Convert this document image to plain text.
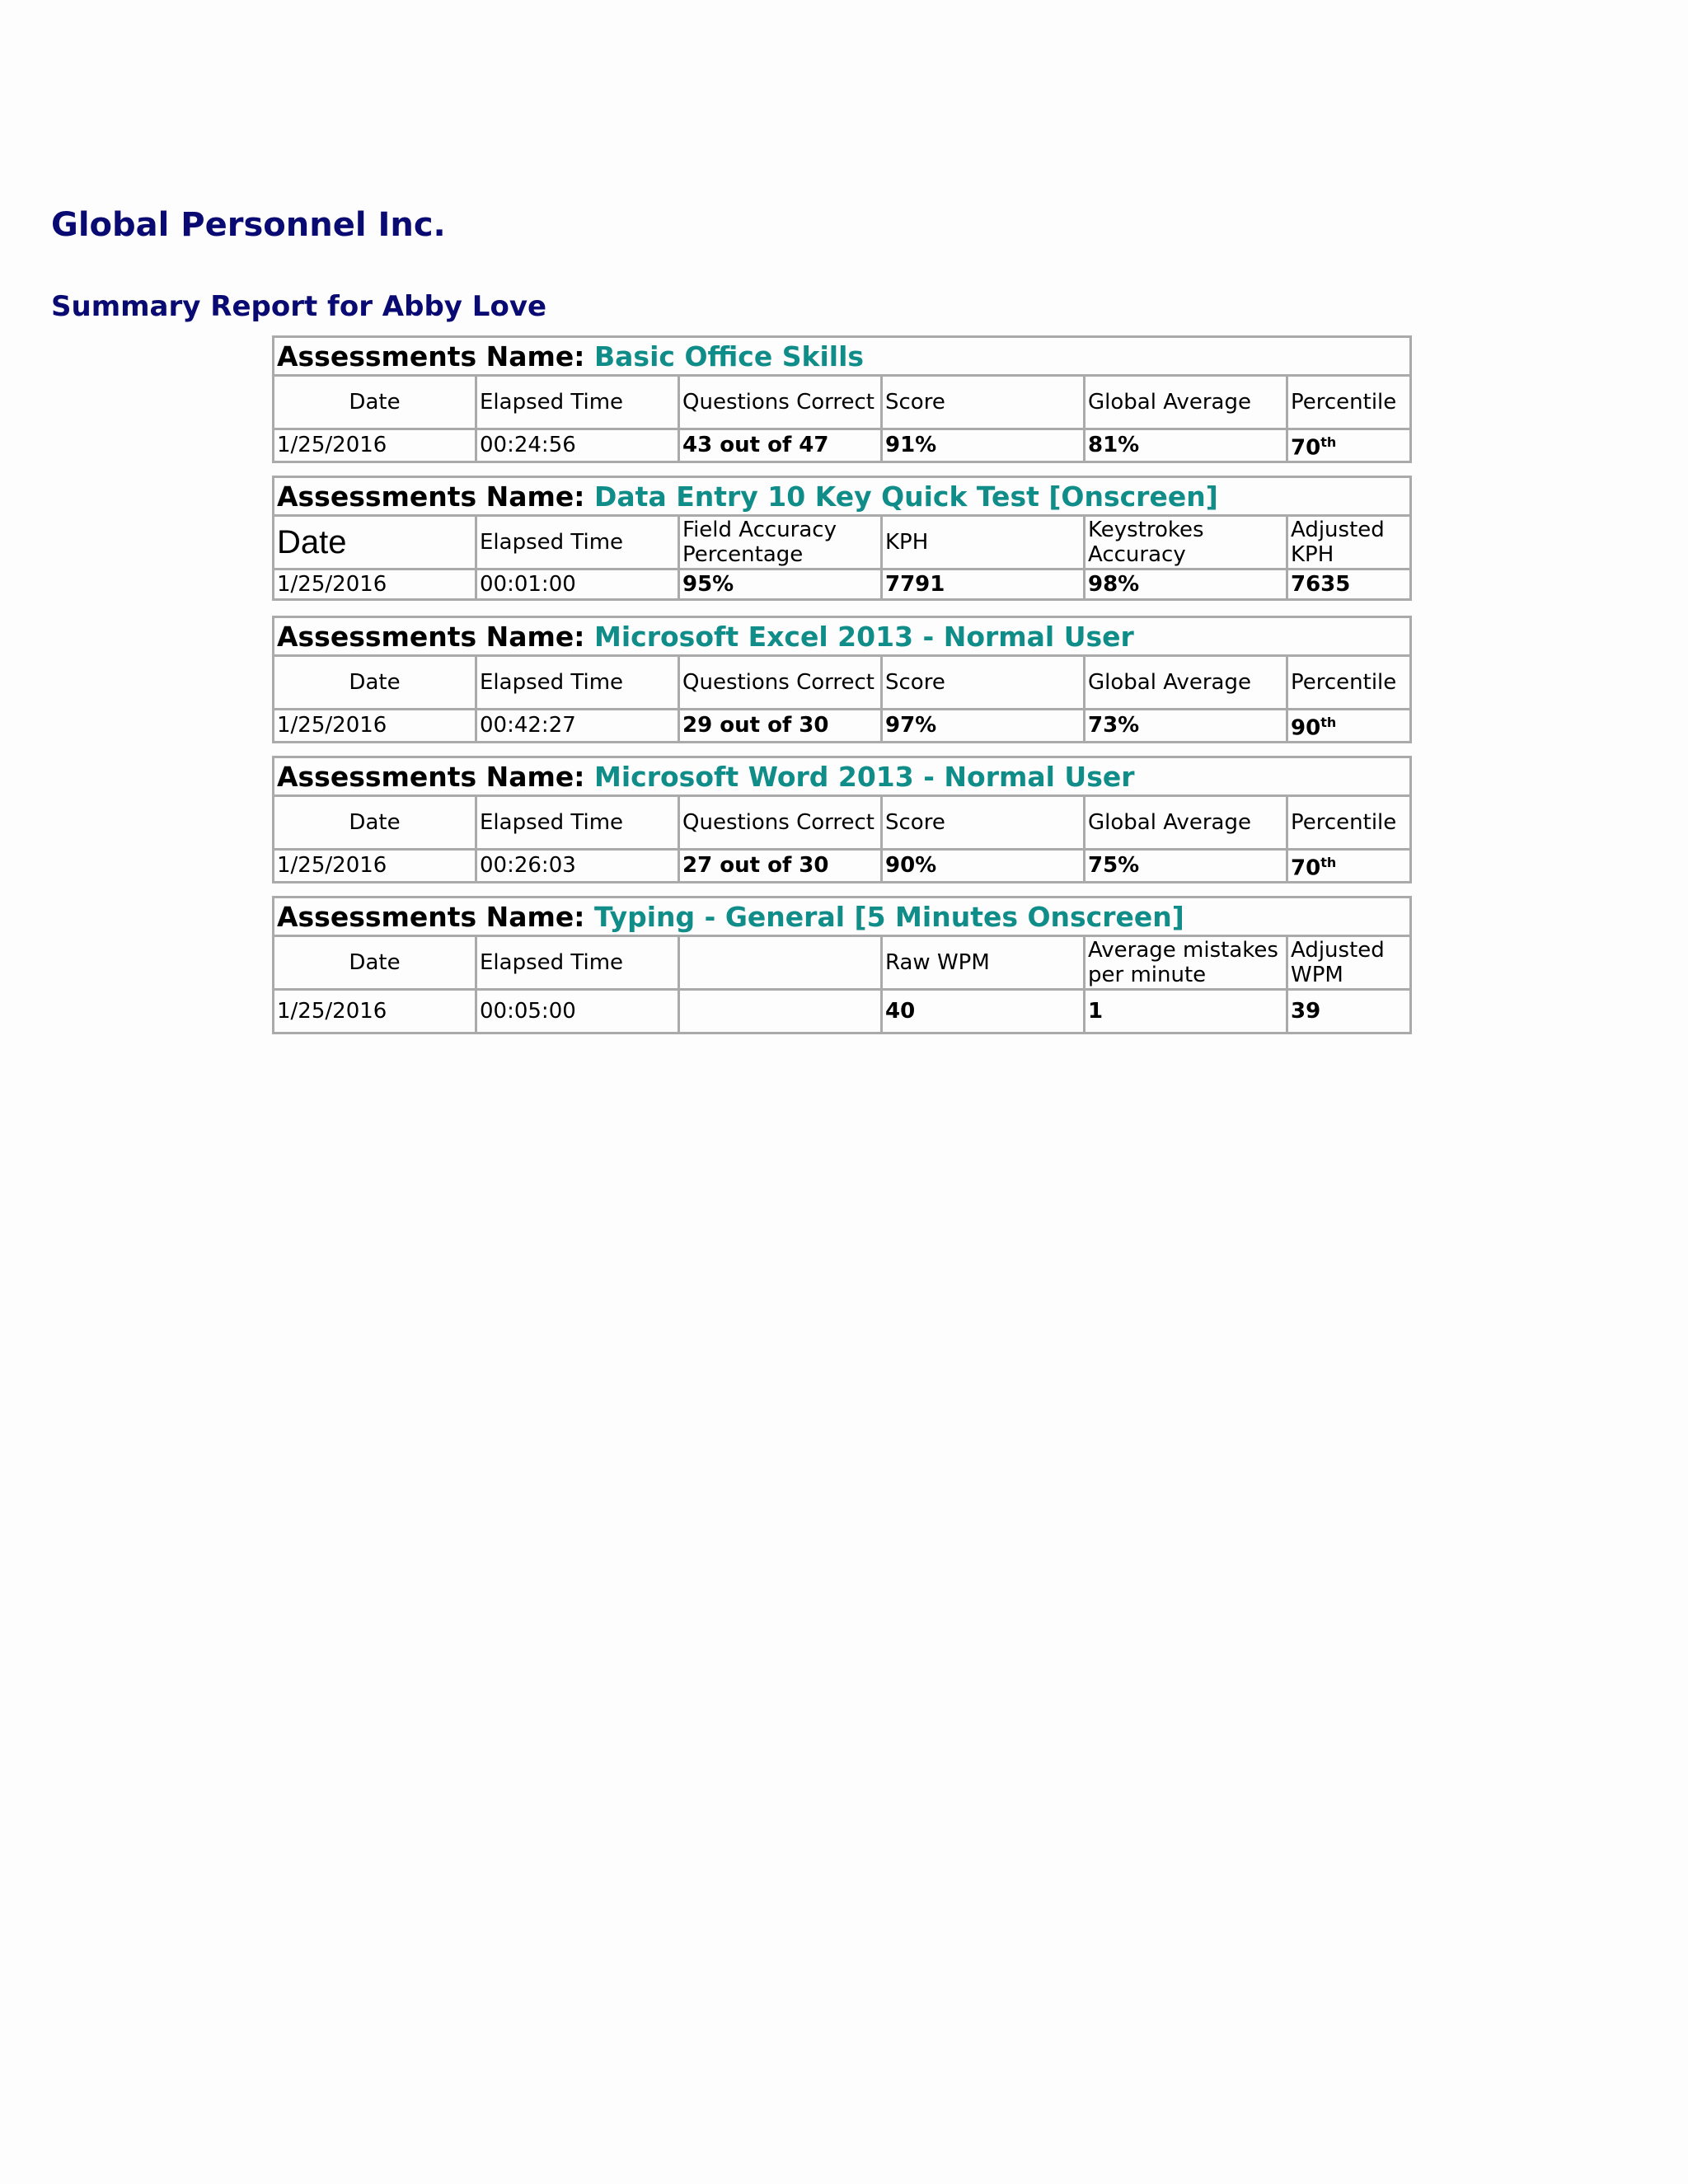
Global Personnel Inc.
Summary Report for Abby Love
Assessments Name: Basic Office Skills					
Date	Elapsed Time	Questions Correct	Score	Global Average	Percentile
1/25/2016	00:24:56	43 out of 47	91%	81%	70th
Assessments Name: Data Entry 10 Key Quick Test [Onscreen]					
Date	Elapsed Time	Field Accuracy Percentage	KPH	Keystrokes Accuracy	Adjusted KPH
1/25/2016	00:01:00	95%	7791	98%	7635
Assessments Name: Microsoft Excel 2013 - Normal User					
Date	Elapsed Time	Questions Correct	Score	Global Average	Percentile
1/25/2016	00:42:27	29 out of 30	97%	73%	90th
Assessments Name: Microsoft Word 2013 - Normal User					
Date	Elapsed Time	Questions Correct	Score	Global Average	Percentile
1/25/2016	00:26:03	27 out of 30	90%	75%	70th
Assessments Name: Typing - General [5 Minutes Onscreen]					
Date	Elapsed Time		Raw WPM	Average mistakes per minute	Adjusted WPM
1/25/2016	00:05:00		40	1	39
